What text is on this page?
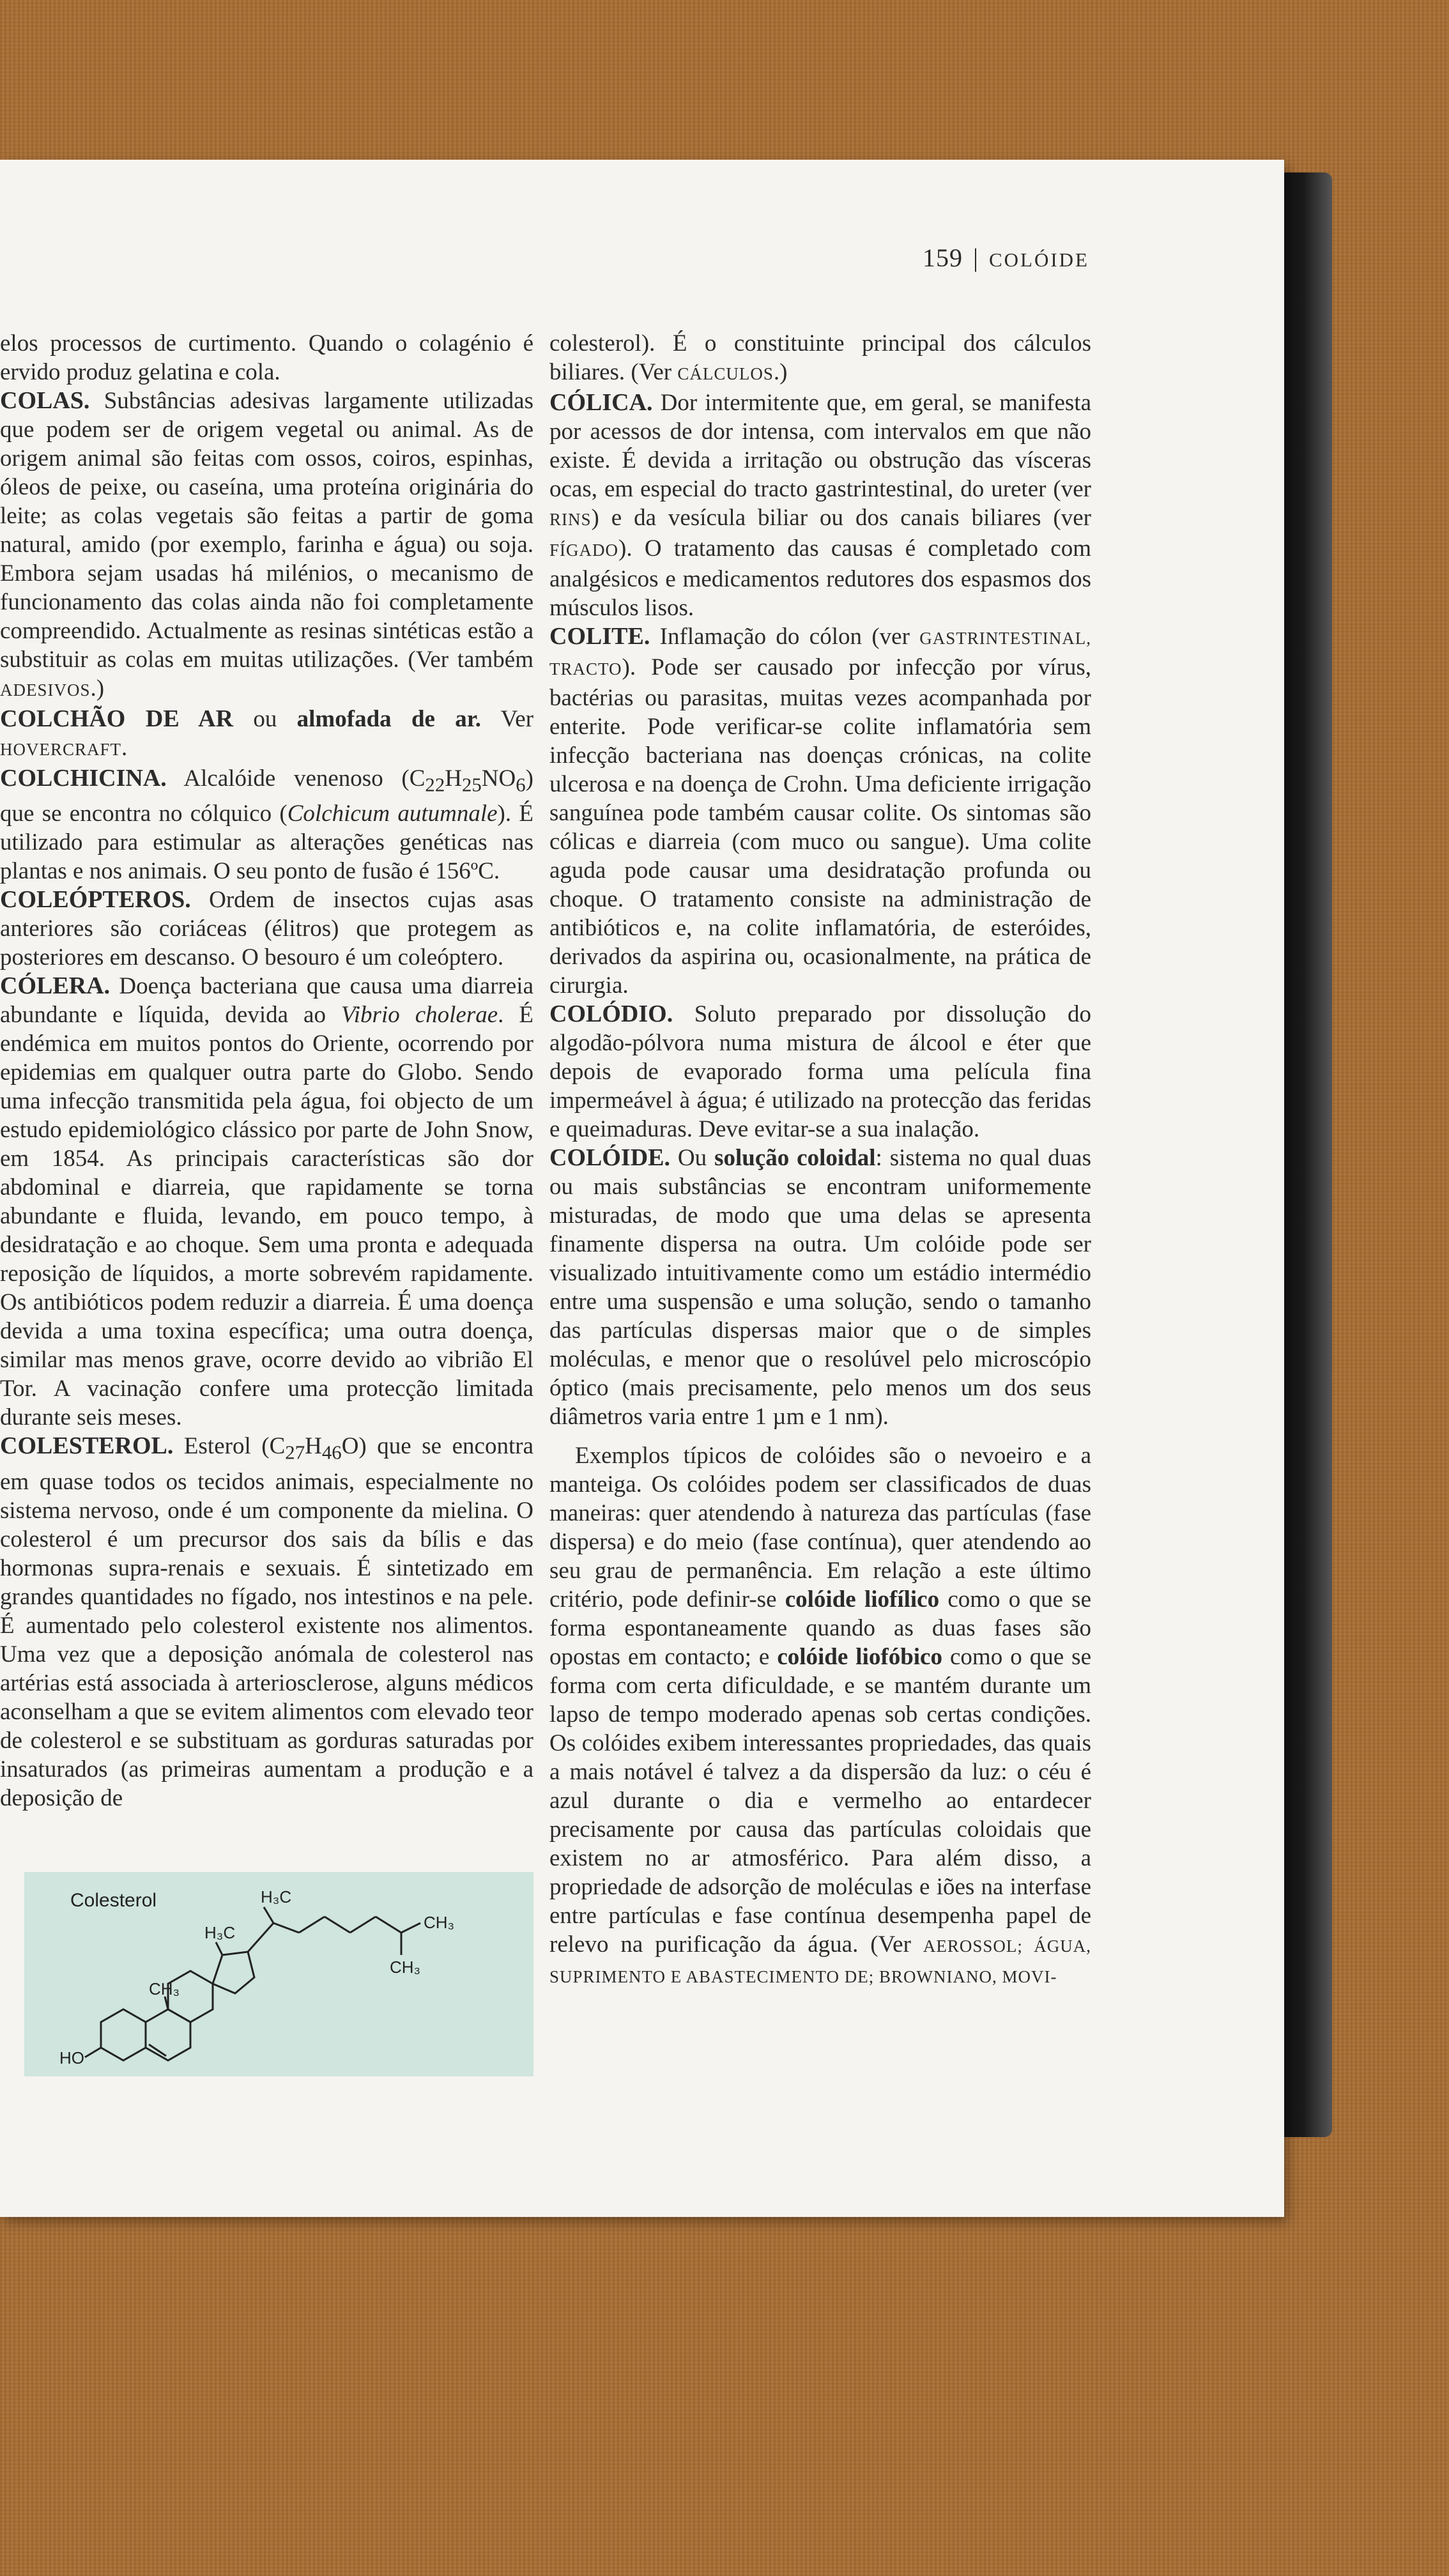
159 | COLÓIDE

elos processos de curtimento. Quando o colagénio é ervido produz gelatina e cola.

COLAS. Substâncias adesivas largamente utilizadas que podem ser de origem vegetal ou animal. As de origem animal são feitas com ossos, coiros, espinhas, óleos de peixe, ou caseína, uma proteína originária do leite; as colas vegetais são feitas a partir de goma natural, amido (por exemplo, farinha e água) ou soja. Embora sejam usadas há milénios, o mecanismo de funcionamento das colas ainda não foi completamente compreendido. Actualmente as resinas sintéticas estão a substituir as colas em muitas utilizações. (Ver também ADESIVOS.)

COLCHÃO DE AR ou almofada de ar. Ver HOVERCRAFT.

COLCHICINA. Alcalóide venenoso $(C_{22}H_{25}NO_6)$ que se encontra no cólquico (Colchicum autumnale). É utilizado para estimular as alterações genéticas nas plantas e nos animais. O seu ponto de fusão é 156ºC.

COLEÓPTEROS. Ordem de insectos cujas asas anteriores são coriáceas (élitros) que protegem as posteriores em descanso. O besouro é um coleóptero.

CÓLERA. Doença bacteriana que causa uma diarreia abundante e líquida, devida ao Vibrio cholerae. É endémica em muitos pontos do Oriente, ocorrendo por epidemias em qualquer outra parte do Globo. Sendo uma infecção transmitida pela água, foi objecto de um estudo epidemiológico clássico por parte de John Snow, em 1854. As principais características são dor abdominal e diarreia, que rapidamente se torna abundante e fluida, levando, em pouco tempo, à desidratação e ao choque. Sem uma pronta e adequada reposição de líquidos, a morte sobrevém rapidamente. Os antibióticos podem reduzir a diarreia. É uma doença devida a uma toxina específica; uma outra doença, similar mas menos grave, ocorre devido ao vibrião El Tor. A vacinação confere uma protecção limitada durante seis meses.

COLESTEROL. Esterol $(C_{27}H_{46}O)$ que se encontra em quase todos os tecidos animais, especialmente no sistema nervoso, onde é um componente da mielina. O colesterol é um precursor dos sais da bílis e das hormonas supra-renais e sexuais. É sintetizado em grandes quantidades no fígado, nos intestinos e na pele. É aumentado pelo colesterol existente nos alimentos. Uma vez que a deposição anómala de colesterol nas artérias está associada à arteriosclerose, alguns médicos aconselham a que se evitem alimentos com elevado teor de colesterol e se substituam as gorduras saturadas por insaturados (as primeiras aumentam a produção e a deposição de

colesterol). É o constituinte principal dos cálculos biliares. (Ver CÁLCULOS.)

CÓLICA. Dor intermitente que, em geral, se manifesta por acessos de dor intensa, com intervalos em que não existe. É devida a irritação ou obstrução das vísceras ocas, em especial do tracto gastrintestinal, do ureter (ver RINS) e da vesícula biliar ou dos canais biliares (ver FÍGADO). O tratamento das causas é completado com analgésicos e medicamentos redutores dos espasmos dos músculos lisos.

COLITE. Inflamação do cólon (ver GASTRINTESTINAL, TRACTO). Pode ser causado por infecção por vírus, bactérias ou parasitas, muitas vezes acompanhada por enterite. Pode verificar-se colite inflamatória sem infecção bacteriana nas doenças crónicas, na colite ulcerosa e na doença de Crohn. Uma deficiente irrigação sanguínea pode também causar colite. Os sintomas são cólicas e diarreia (com muco ou sangue). Uma colite aguda pode causar uma desidratação profunda ou choque. O tratamento consiste na administração de antibióticos e, na colite inflamatória, de esteróides, derivados da aspirina ou, ocasionalmente, na prática de cirurgia.

COLÓDIO. Soluto preparado por dissolução do algodão-pólvora numa mistura de álcool e éter que depois de evaporado forma uma película fina impermeável à água; é utilizado na protecção das feridas e queimaduras. Deve evitar-se a sua inalação.

COLÓIDE. Ou solução coloidal: sistema no qual duas ou mais substâncias se encontram uniformemente misturadas, de modo que uma delas se apresenta finamente dispersa na outra. Um colóide pode ser visualizado intuitivamente como um estádio intermédio entre uma suspensão e uma solução, sendo o tamanho das partículas dispersas maior que o de simples moléculas, e menor que o resolúvel pelo microscópio óptico (mais precisamente, pelo menos um dos seus diâmetros varia entre 1 µm e 1 nm).

Exemplos típicos de colóides são o nevoeiro e a manteiga. Os colóides podem ser classificados de duas maneiras: quer atendendo à natureza das partículas (fase dispersa) e do meio (fase contínua), quer atendendo ao seu grau de permanência. Em relação a este último critério, pode definir-se colóide liofílico como o que se forma espontaneamente quando as duas fases são opostas em contacto; e colóide liofóbico como o que se forma com certa dificuldade, e se mantém durante um lapso de tempo moderado apenas sob certas condições. Os colóides exibem interessantes propriedades, das quais a mais notável é talvez a da dispersão da luz: o céu é azul durante o dia e vermelho ao entardecer precisamente por causa das partículas coloidais que existem no ar atmosférico. Para além disso, a propriedade de adsorção de moléculas e iões na interfase entre partículas e fase contínua desempenha papel de relevo na purificação da água. (Ver AEROSSOL; ÁGUA, SUPRIMENTO E ABASTECIMENTO DE; BROWNIANO, MOVI-

Colesterol	H₃C
H₃C
CH₃
CH₃
CH₃
HO
